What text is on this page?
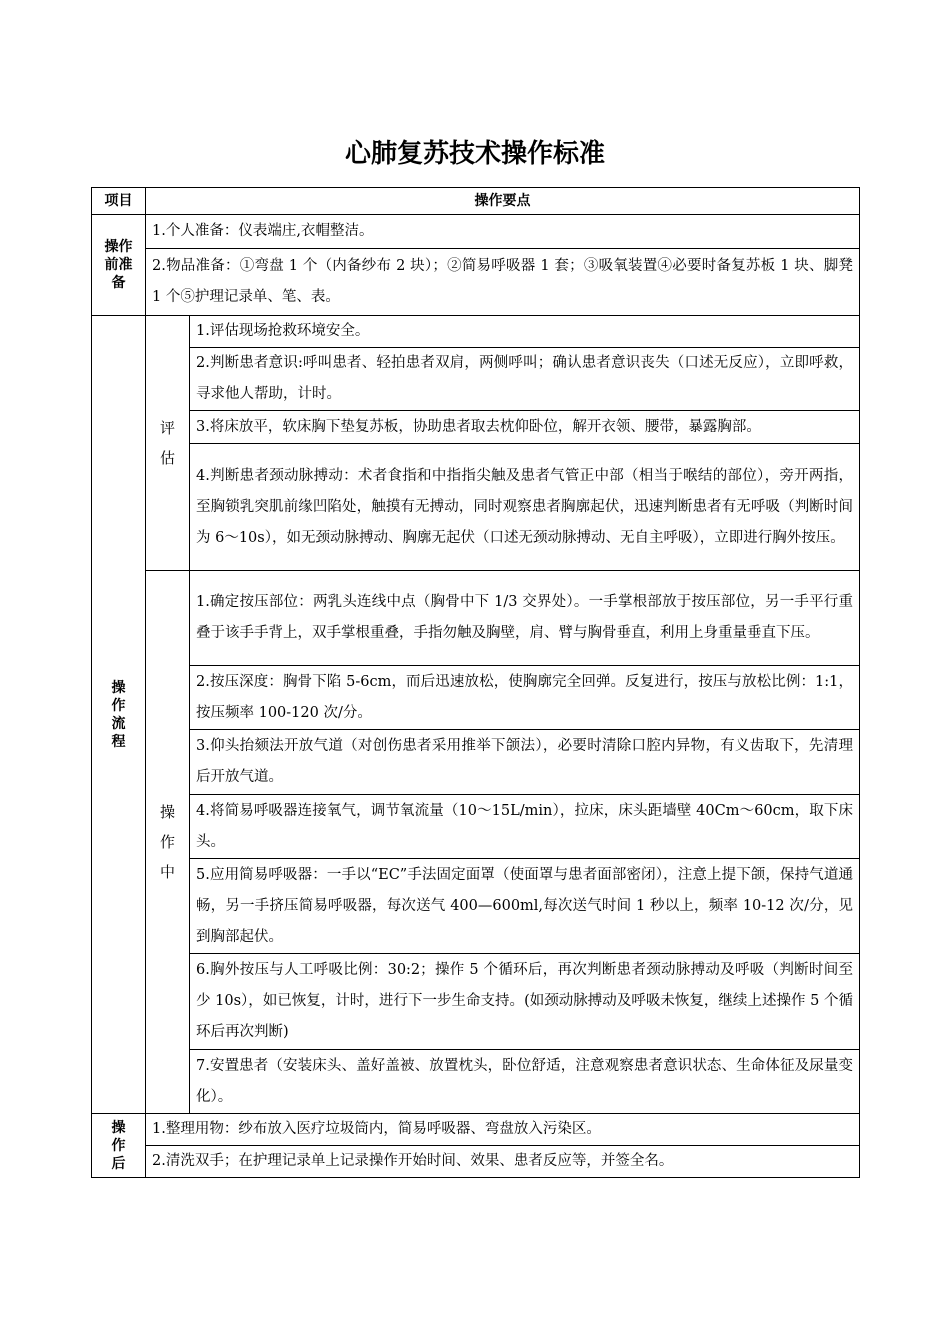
心肺复苏技术操作标准
项目	操作要点	
操作前准备	1.个人准备：仪表端庄,衣帽整洁。	
	2.物品准备：①弯盘 1 个（内备纱布 2 块）；②简易呼吸器 1 套；③吸氧装置④必要时备复苏板 1 块、脚凳 1 个⑤护理记录单、笔、表。	
操作流程	评估	1.评估现场抢救环境安全。
		2.判断患者意识:呼叫患者、轻拍患者双肩，两侧呼叫；确认患者意识丧失（口述无反应），立即呼救，寻求他人帮助，计时。
		3.将床放平，软床胸下垫复苏板，协助患者取去枕仰卧位，解开衣领、腰带，暴露胸部。
		4.判断患者颈动脉搏动：术者食指和中指指尖触及患者气管正中部（相当于喉结的部位），旁开两指，至胸锁乳突肌前缘凹陷处，触摸有无搏动，同时观察患者胸廓起伏，迅速判断患者有无呼吸（判断时间为 6～10s），如无颈动脉搏动、胸廓无起伏（口述无颈动脉搏动、无自主呼吸），立即进行胸外按压。
	操作中	1.确定按压部位：两乳头连线中点（胸骨中下 1/3 交界处）。一手掌根部放于按压部位，另一手平行重叠于该手手背上，双手掌根重叠，手指勿触及胸壁，肩、臂与胸骨垂直，利用上身重量垂直下压。
		2.按压深度：胸骨下陷 5-6cm，而后迅速放松，使胸廓完全回弹。反复进行，按压与放松比例：1:1，按压频率 100-120 次/分。
		3.仰头抬颏法开放气道（对创伤患者采用推举下颌法），必要时清除口腔内异物，有义齿取下，先清理后开放气道。
		4.将简易呼吸器连接氧气，调节氧流量（10～15L/min），拉床，床头距墙壁 40Cm～60cm，取下床头。
		5.应用简易呼吸器：一手以“EC”手法固定面罩（使面罩与患者面部密闭），注意上提下颌，保持气道通畅，另一手挤压简易呼吸器，每次送气 400—600ml,每次送气时间 1 秒以上，频率 10-12 次/分，见到胸部起伏。
		6.胸外按压与人工呼吸比例：30:2；操作 5 个循环后，再次判断患者颈动脉搏动及呼吸（判断时间至少 10s），如已恢复，计时，进行下一步生命支持。(如颈动脉搏动及呼吸未恢复，继续上述操作 5 个循环后再次判断)
		7.安置患者（安装床头、盖好盖被、放置枕头，卧位舒适，注意观察患者意识状态、生命体征及尿量变化）。
操作后	1.整理用物：纱布放入医疗垃圾筒内，简易呼吸器、弯盘放入污染区。	
	2.清洗双手；在护理记录单上记录操作开始时间、效果、患者反应等，并签全名。	
